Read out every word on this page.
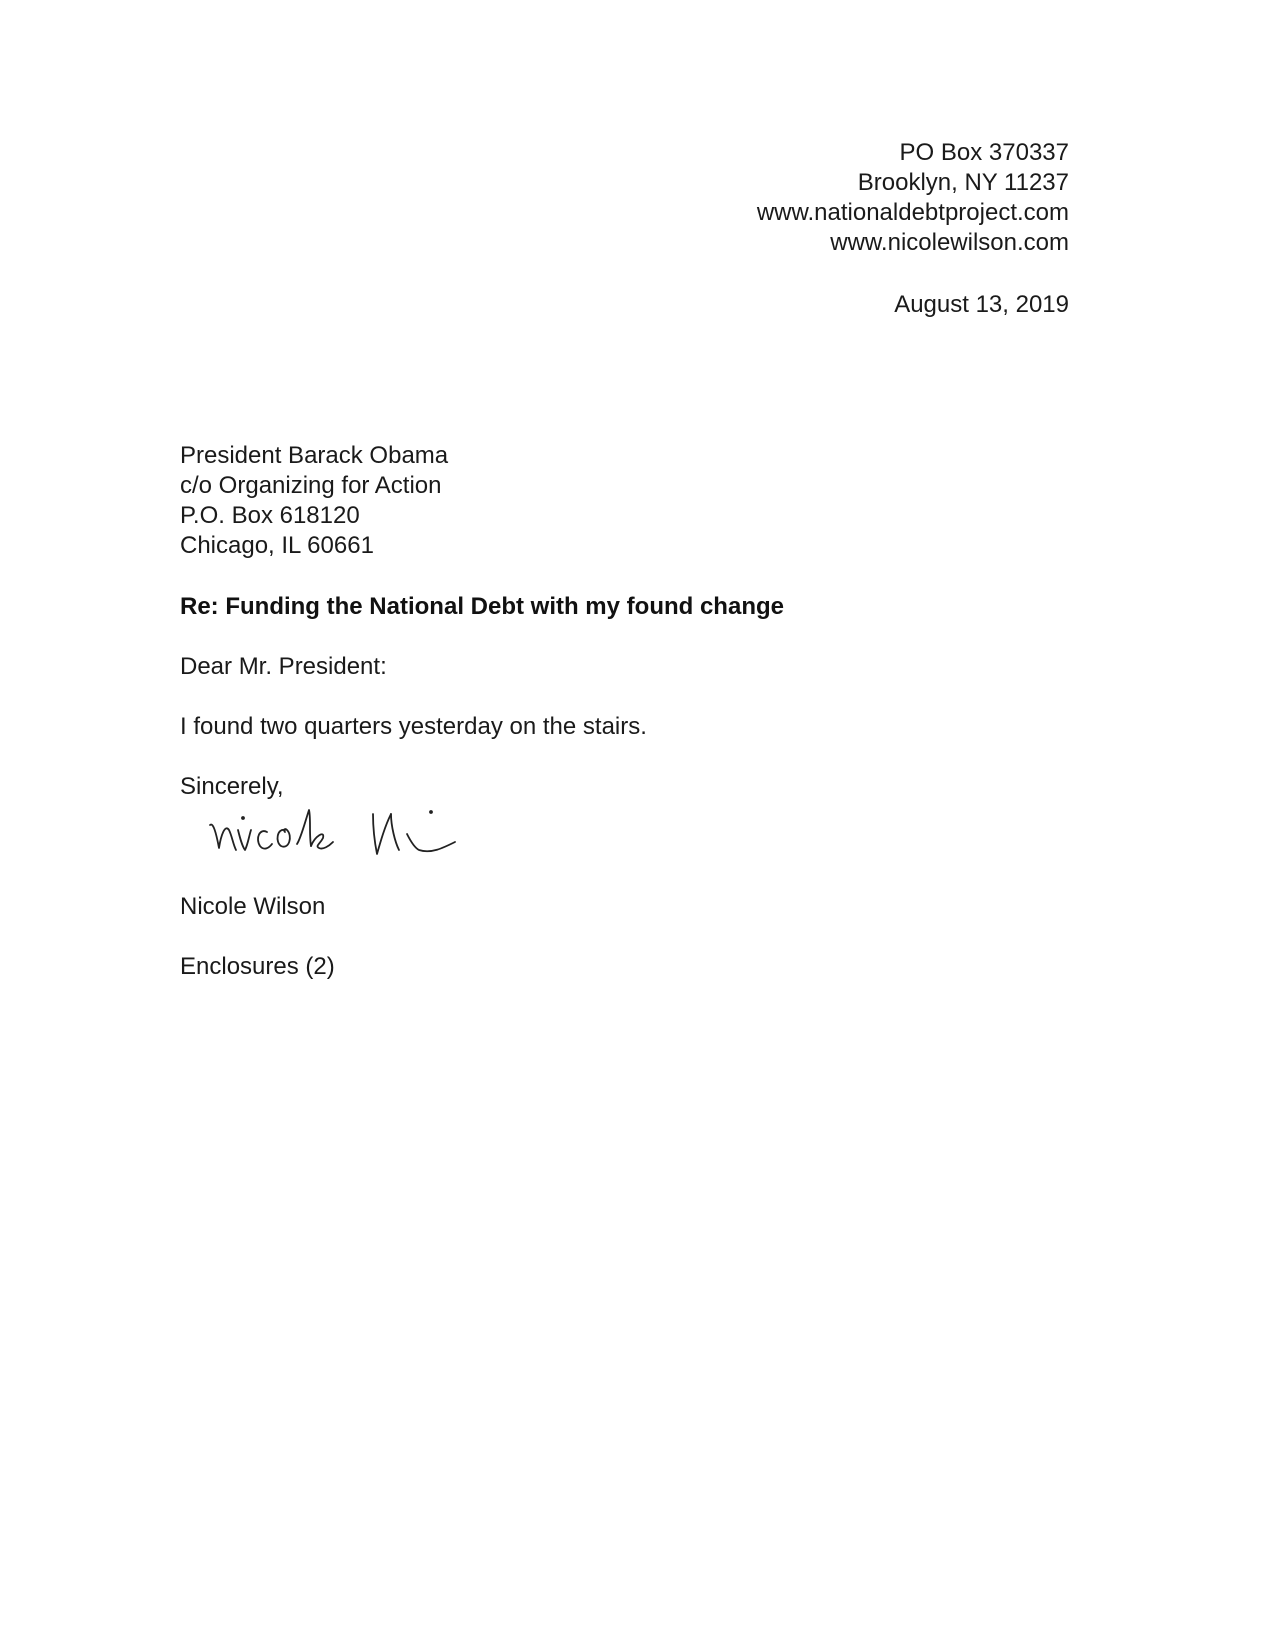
PO Box 370337
Brooklyn, NY 11237
www.nationaldebtproject.com
www.nicolewilson.com
August 13, 2019
President Barack Obama
c/o Organizing for Action
P.O. Box 618120
Chicago, IL 60661
Re: Funding the National Debt with my found change
Dear Mr. President:
I found two quarters yesterday on the stairs.
Sincerely,
Nicole Wilson
Enclosures (2)
